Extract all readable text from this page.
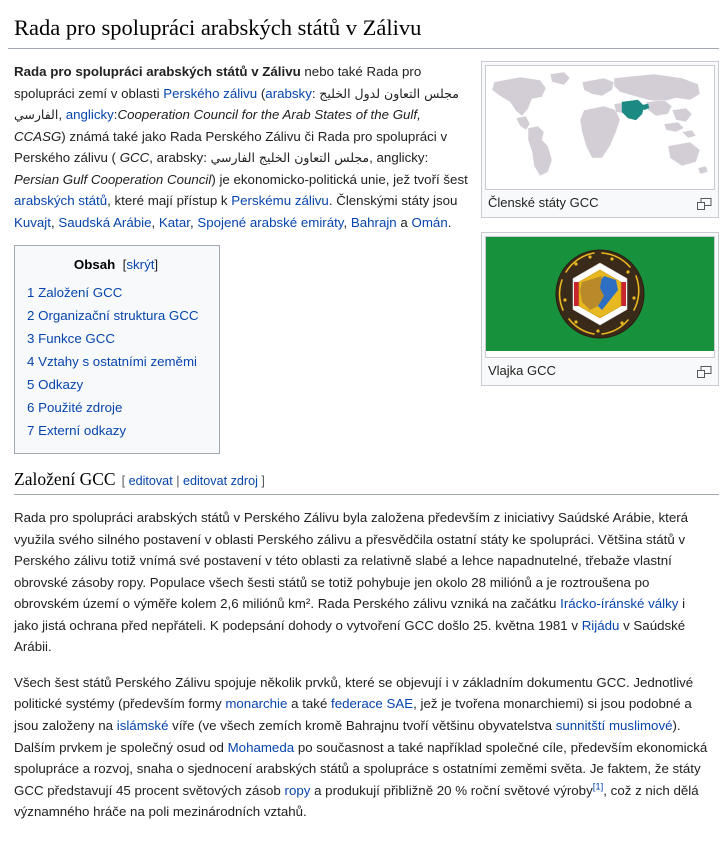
Rada pro spolupráci arabských států v Zálivu
Členské státy GCC
Vlajka GCC

Rada pro spolupráci arabských států v Zálivu nebo také Rada pro spolupráci zemí v oblasti Perského zálivu (arabsky: مجلس التعاون لدول الخليج الفارسي, anglicky:Cooperation Council for the Arab States of the Gulf, CCASG) známá také jako Rada Perského Zálivu či Rada pro spolupráci v Perského zálivu ( GCC, arabsky: مجلس التعاون الخليج الفارسي, anglicky: Persian Gulf Cooperation Council) je ekonomicko-politická unie, jež tvoří šest arabských států, které mají přístup k Perskému zálivu. Členskými státy jsou Kuvajt, Saudská Arábie, Katar, Spojené arabské emiráty, Bahrajn a Omán.

Obsah [skrýt]
1 Založení GCC
2 Organizační struktura GCC
3 Funkce GCC
4 Vztahy s ostatními zeměmi
5 Odkazy
6 Použité zdroje
7 Externí odkazy
Založení GCC [ editovat | editovat zdroj ]

Rada pro spolupráci arabských států v Perského Zálivu byla založena především z iniciativy Saúdské Arábie, která využila svého silného postavení v oblasti Perského zálivu a přesvědčila ostatní státy ke spolupráci. Většina států v Perského zálivu totiž vnímá své postavení v této oblasti za relativně slabé a lehce napadnutelné, třebaže vlastní obrovské zásoby ropy. Populace všech šesti států se totiž pohybuje jen okolo 28 miliónů a je roztroušena po obrovském území o výměře kolem 2,6 miliónů km². Rada Perského zálivu vzniká na začátku Irácko-íránské války i jako jistá ochrana před nepřáteli. K podepsání dohody o vytvoření GCC došlo 25. května 1981 v Rijádu v Saúdské Arábii.

Všech šest států Perského Zálivu spojuje několik prvků, které se objevují i v základním dokumentu GCC. Jednotlivé politické systémy (především formy monarchie a také federace SAE, jež je tvořena monarchiemi) si jsou podobné a jsou založeny na islámské víře (ve všech zemích kromě Bahrajnu tvoří většinu obyvatelstva sunnitští muslimové). Dalším prvkem je společný osud od Mohameda po současnost a také například společné cíle, především ekonomická spolupráce a rozvoj, snaha o sjednocení arabských států a spolupráce s ostatními zeměmi světa. Je faktem, že státy GCC představují 45 procent světových zásob ropy a produkují přibližně 20 % roční světové výroby[1], což z nich dělá významného hráče na poli mezinárodních vztahů.
